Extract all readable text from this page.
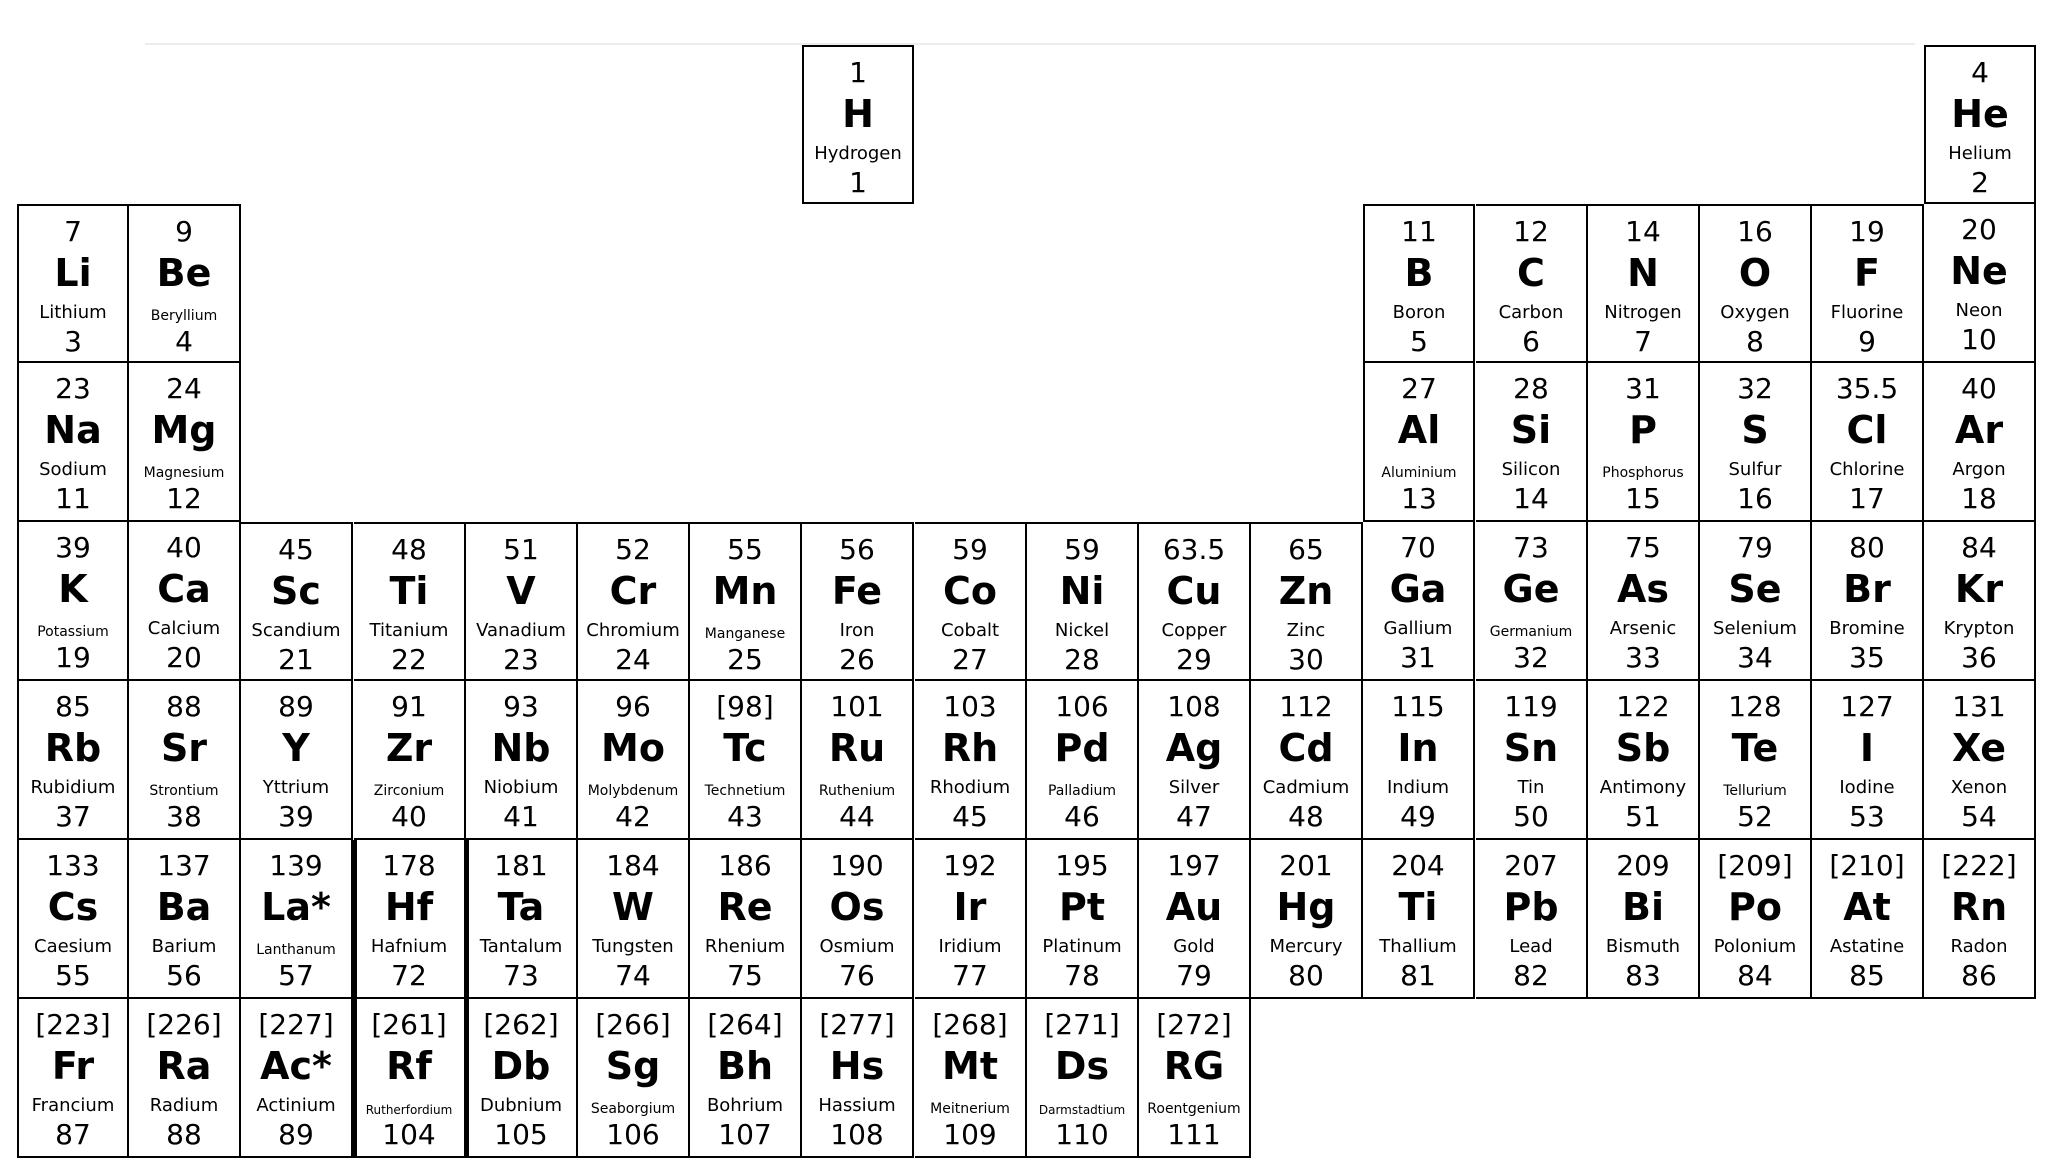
1
H
Hydrogen
1
4
He
Helium
2
7
Li
Lithium
3
9
Be
Beryllium
4
11
B
Boron
5
12
C
Carbon
6
14
N
Nitrogen
7
16
O
Oxygen
8
19
F
Fluorine
9
20
Ne
Neon
10
23
Na
Sodium
11
24
Mg
Magnesium
12
27
Al
Aluminium
13
28
Si
Silicon
14
31
P
Phosphorus
15
32
S
Sulfur
16
35.5
Cl
Chlorine
17
40
Ar
Argon
18
39
K
Potassium
19
40
Ca
Calcium
20
45
Sc
Scandium
21
48
Ti
Titanium
22
51
V
Vanadium
23
52
Cr
Chromium
24
55
Mn
Manganese
25
56
Fe
Iron
26
59
Co
Cobalt
27
59
Ni
Nickel
28
63.5
Cu
Copper
29
65
Zn
Zinc
30
70
Ga
Gallium
31
73
Ge
Germanium
32
75
As
Arsenic
33
79
Se
Selenium
34
80
Br
Bromine
35
84
Kr
Krypton
36
85
Rb
Rubidium
37
88
Sr
Strontium
38
89
Y
Yttrium
39
91
Zr
Zirconium
40
93
Nb
Niobium
41
96
Mo
Molybdenum
42
[98]
Tc
Technetium
43
101
Ru
Ruthenium
44
103
Rh
Rhodium
45
106
Pd
Palladium
46
108
Ag
Silver
47
112
Cd
Cadmium
48
115
In
Indium
49
119
Sn
Tin
50
122
Sb
Antimony
51
128
Te
Tellurium
52
127
I
Iodine
53
131
Xe
Xenon
54
133
Cs
Caesium
55
137
Ba
Barium
56
139
La*
Lanthanum
57
178
Hf
Hafnium
72
181
Ta
Tantalum
73
184
W
Tungsten
74
186
Re
Rhenium
75
190
Os
Osmium
76
192
Ir
Iridium
77
195
Pt
Platinum
78
197
Au
Gold
79
201
Hg
Mercury
80
204
Ti
Thallium
81
207
Pb
Lead
82
209
Bi
Bismuth
83
[209]
Po
Polonium
84
[210]
At
Astatine
85
[222]
Rn
Radon
86
[223]
Fr
Francium
87
[226]
Ra
Radium
88
[227]
Ac*
Actinium
89
[261]
Rf
Rutherfordium
104
[262]
Db
Dubnium
105
[266]
Sg
Seaborgium
106
[264]
Bh
Bohrium
107
[277]
Hs
Hassium
108
[268]
Mt
Meitnerium
109
[271]
Ds
Darmstadtium
110
[272]
RG
Roentgenium
111
